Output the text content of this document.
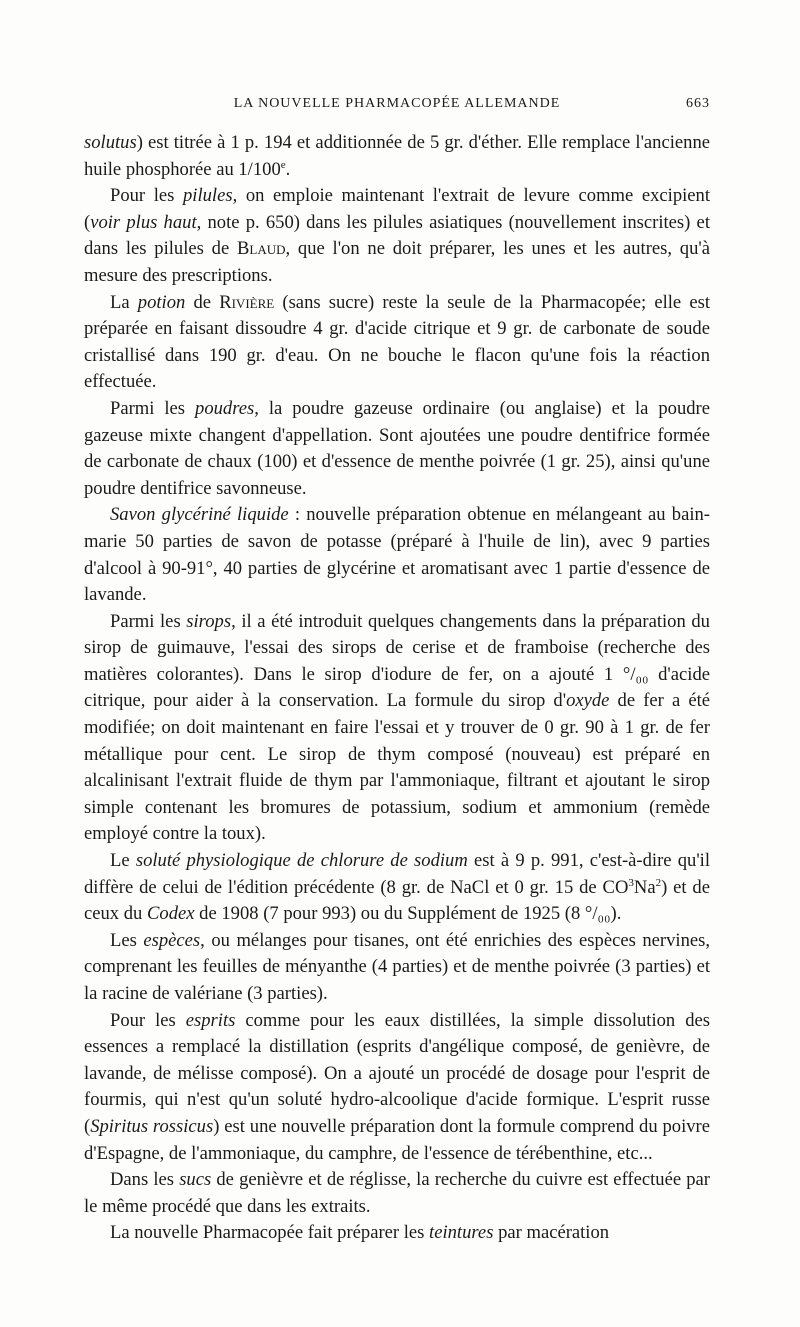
LA NOUVELLE PHARMACOPÉE ALLEMANDE	663

solutus) est titrée à 1 p. 194 et additionnée de 5 gr. d'éther. Elle remplace l'ancienne huile phosphorée au 1/100e.

Pour les pilules, on emploie maintenant l'extrait de levure comme excipient (voir plus haut, note p. 650) dans les pilules asiatiques (nouvellement inscrites) et dans les pilules de Blaud, que l'on ne doit préparer, les unes et les autres, qu'à mesure des prescriptions.

La potion de Rivière (sans sucre) reste la seule de la Pharmacopée; elle est préparée en faisant dissoudre 4 gr. d'acide citrique et 9 gr. de carbonate de soude cristallisé dans 190 gr. d'eau. On ne bouche le flacon qu'une fois la réaction effectuée.

Parmi les poudres, la poudre gazeuse ordinaire (ou anglaise) et la poudre gazeuse mixte changent d'appellation. Sont ajoutées une poudre dentifrice formée de carbonate de chaux (100) et d'essence de menthe poivrée (1 gr. 25), ainsi qu'une poudre dentifrice savonneuse.

Savon glycériné liquide : nouvelle préparation obtenue en mélangeant au bain-marie 50 parties de savon de potasse (préparé à l'huile de lin), avec 9 parties d'alcool à 90-91°, 40 parties de glycérine et aromatisant avec 1 partie d'essence de lavande.

Parmi les sirops, il a été introduit quelques changements dans la préparation du sirop de guimauve, l'essai des sirops de cerise et de framboise (recherche des matières colorantes). Dans le sirop d'iodure de fer, on a ajouté 1 °/₀₀ d'acide citrique, pour aider à la conservation. La formule du sirop d'oxyde de fer a été modifiée; on doit maintenant en faire l'essai et y trouver de 0 gr. 90 à 1 gr. de fer métallique pour cent. Le sirop de thym composé (nouveau) est préparé en alcalinisant l'extrait fluide de thym par l'ammoniaque, filtrant et ajoutant le sirop simple contenant les bromures de potassium, sodium et ammonium (remède employé contre la toux).

Le soluté physiologique de chlorure de sodium est à 9 p. 991, c'est-à-dire qu'il diffère de celui de l'édition précédente (8 gr. de NaCl et 0 gr. 15 de $CO^3Na^2$) et de ceux du Codex de 1908 (7 pour 993) ou du Supplément de 1925 (8 °/₀₀).

Les espèces, ou mélanges pour tisanes, ont été enrichies des espèces nervines, comprenant les feuilles de ményanthe (4 parties) et de menthe poivrée (3 parties) et la racine de valériane (3 parties).

Pour les esprits comme pour les eaux distillées, la simple dissolution des essences a remplacé la distillation (esprits d'angélique composé, de genièvre, de lavande, de mélisse composé). On a ajouté un procédé de dosage pour l'esprit de fourmis, qui n'est qu'un soluté hydro-alcoolique d'acide formique. L'esprit russe (Spiritus rossicus) est une nouvelle préparation dont la formule comprend du poivre d'Espagne, de l'ammoniaque, du camphre, de l'essence de térébenthine, etc...

Dans les sucs de genièvre et de réglisse, la recherche du cuivre est effectuée par le même procédé que dans les extraits.

La nouvelle Pharmacopée fait préparer les teintures par macération
